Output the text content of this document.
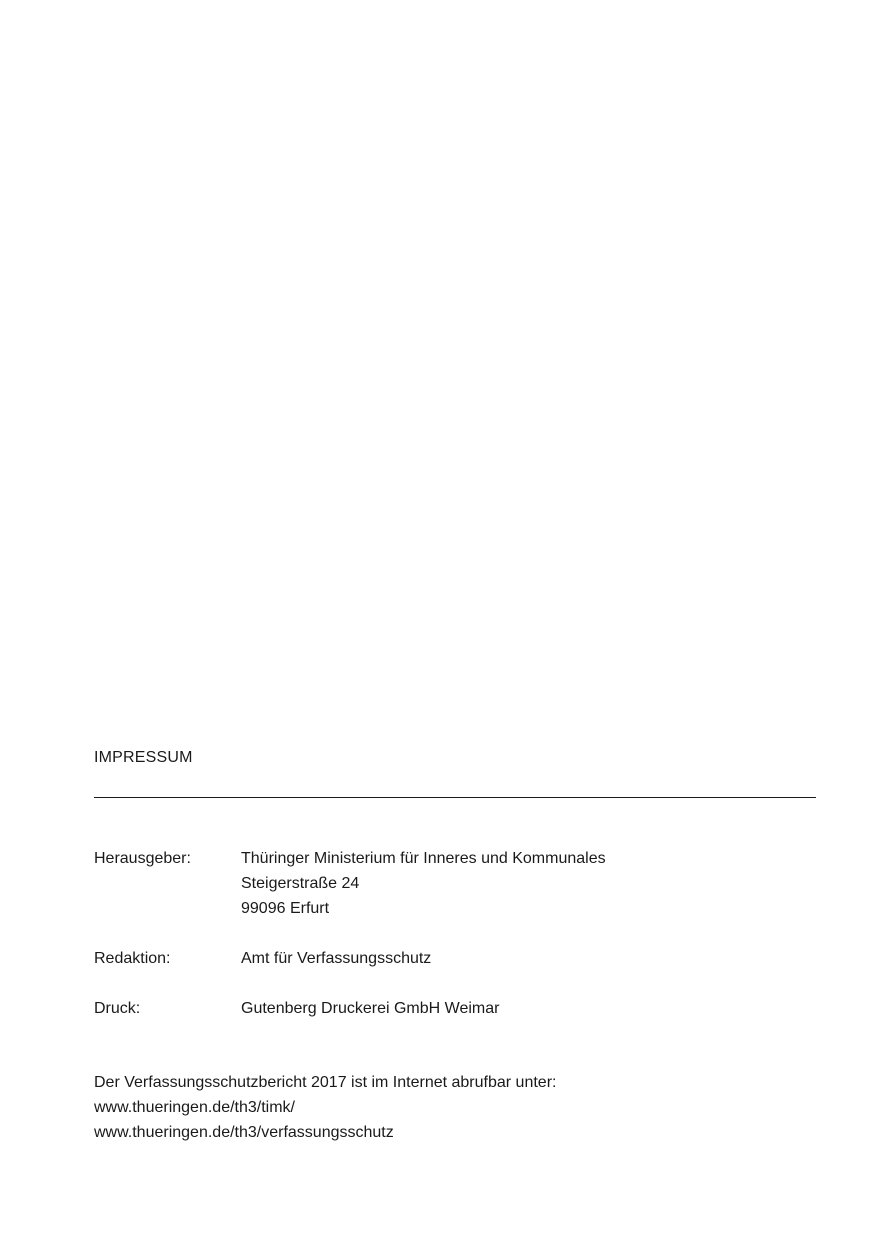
IMPRESSUM
Herausgeber:	Thüringer Ministerium für Inneres und Kommunales
Steigerstraße 24
99096 Erfurt
Redaktion:	Amt für Verfassungsschutz
Druck:	Gutenberg Druckerei GmbH Weimar
Der Verfassungsschutzbericht 2017 ist im Internet abrufbar unter:
www.thueringen.de/th3/timk/
www.thueringen.de/th3/verfassungsschutz
